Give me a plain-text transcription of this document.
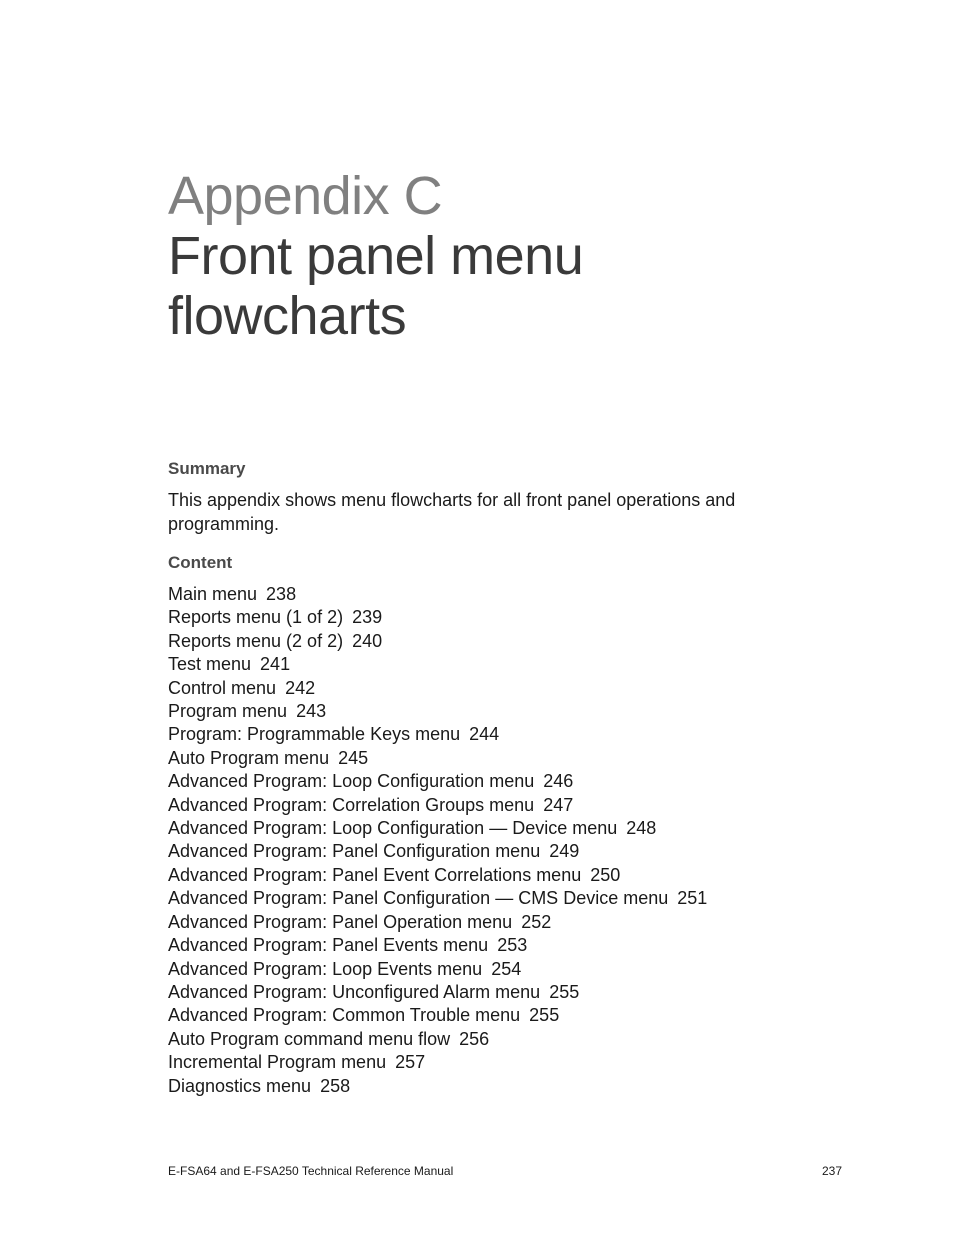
Appendix C
Front panel menu
flowcharts
Summary

This appendix shows menu flowcharts for all front panel operations and programming.

Content
Main menu 238
Reports menu (1 of 2) 239
Reports menu (2 of 2) 240
Test menu 241
Control menu 242
Program menu 243
Program: Programmable Keys menu 244
Auto Program menu 245
Advanced Program: Loop Configuration menu 246
Advanced Program: Correlation Groups menu 247
Advanced Program: Loop Configuration — Device menu 248
Advanced Program: Panel Configuration menu 249
Advanced Program: Panel Event Correlations menu 250
Advanced Program: Panel Configuration — CMS Device menu 251
Advanced Program: Panel Operation menu 252
Advanced Program: Panel Events menu 253
Advanced Program: Loop Events menu 254
Advanced Program: Unconfigured Alarm menu 255
Advanced Program: Common Trouble menu 255
Auto Program command menu flow 256
Incremental Program menu 257
Diagnostics menu 258
E-FSA64 and E-FSA250 Technical Reference Manual	237
